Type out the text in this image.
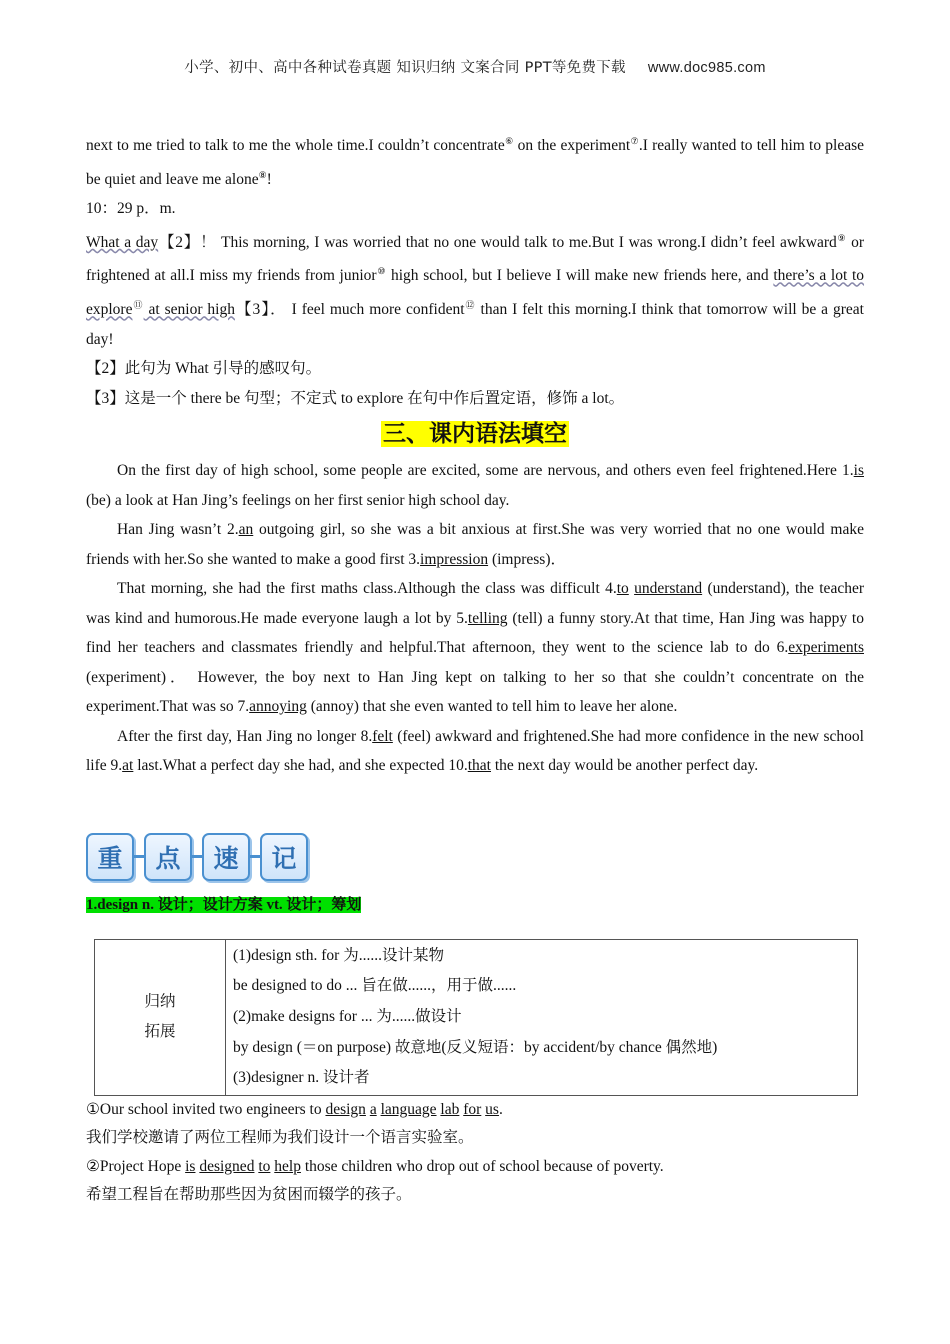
小学、初中、高中各种试卷真题 知识归纳 文案合同 PPT等免费下载 www.doc985.com

next to me tried to talk to me the whole time.I couldn’t concentrate⑥ on the experiment⑦.I really wanted to tell him to please be quiet and leave me alone⑧!

10：29 p．m.

What a day【2】！ This morning, I was worried that no one would talk to me.But I was wrong.I didn’t feel awkward⑨ or frightened at all.I miss my friends from junior⑩ high school, but I believe I will make new friends here, and there’s a lot to explore⑪ at senior high【3】． I feel much more confident⑫ than I felt this morning.I think that tomorrow will be a great day!

【2】此句为 What 引导的感叹句。

【3】这是一个 there be 句型；不定式 to explore 在句中作后置定语，修饰 a lot。

三、课内语法填空

On the first day of high school, some people are excited, some are nervous, and others even feel frightened.Here 1.is (be) a look at Han Jing’s feelings on her first senior high school day.

Han Jing wasn’t 2.an outgoing girl, so she was a bit anxious at first.She was very worried that no one would make friends with her.So she wanted to make a good first 3.impression (impress)．

That morning, she had the first maths class.Although the class was difficult 4.to understand (understand), the teacher was kind and humorous.He made everyone laugh a lot by 5.telling (tell) a funny story.At that time, Han Jing was happy to find her teachers and classmates friendly and helpful.That afternoon, they went to the science lab to do 6.experiments (experiment)． However, the boy next to Han Jing kept on talking to her so that she couldn’t concentrate on the experiment.That was so 7.annoying (annoy) that she even wanted to tell him to leave her alone.

After the first day, Han Jing no longer 8.felt (feel) awkward and frightened.She had more confidence in the new school life 9.at last.What a perfect day she had, and she expected 10.that the next day would be another perfect day.

重	点	速	记
1.design n. 设计；设计方案 vt. 设计；筹划
归纳
拓展

(1)design sth. for 为......设计某物
be designed to do ... 旨在做......，用于做......
(2)make designs for ... 为......做设计
by design (＝on purpose) 故意地(反义短语：by accident/by chance 偶然地)
(3)designer n. 设计者
①Our school invited two engineers to design a language lab for us.
我们学校邀请了两位工程师为我们设计一个语言实验室。
②Project Hope is designed to help those children who drop out of school because of poverty.
希望工程旨在帮助那些因为贫困而辍学的孩子。
